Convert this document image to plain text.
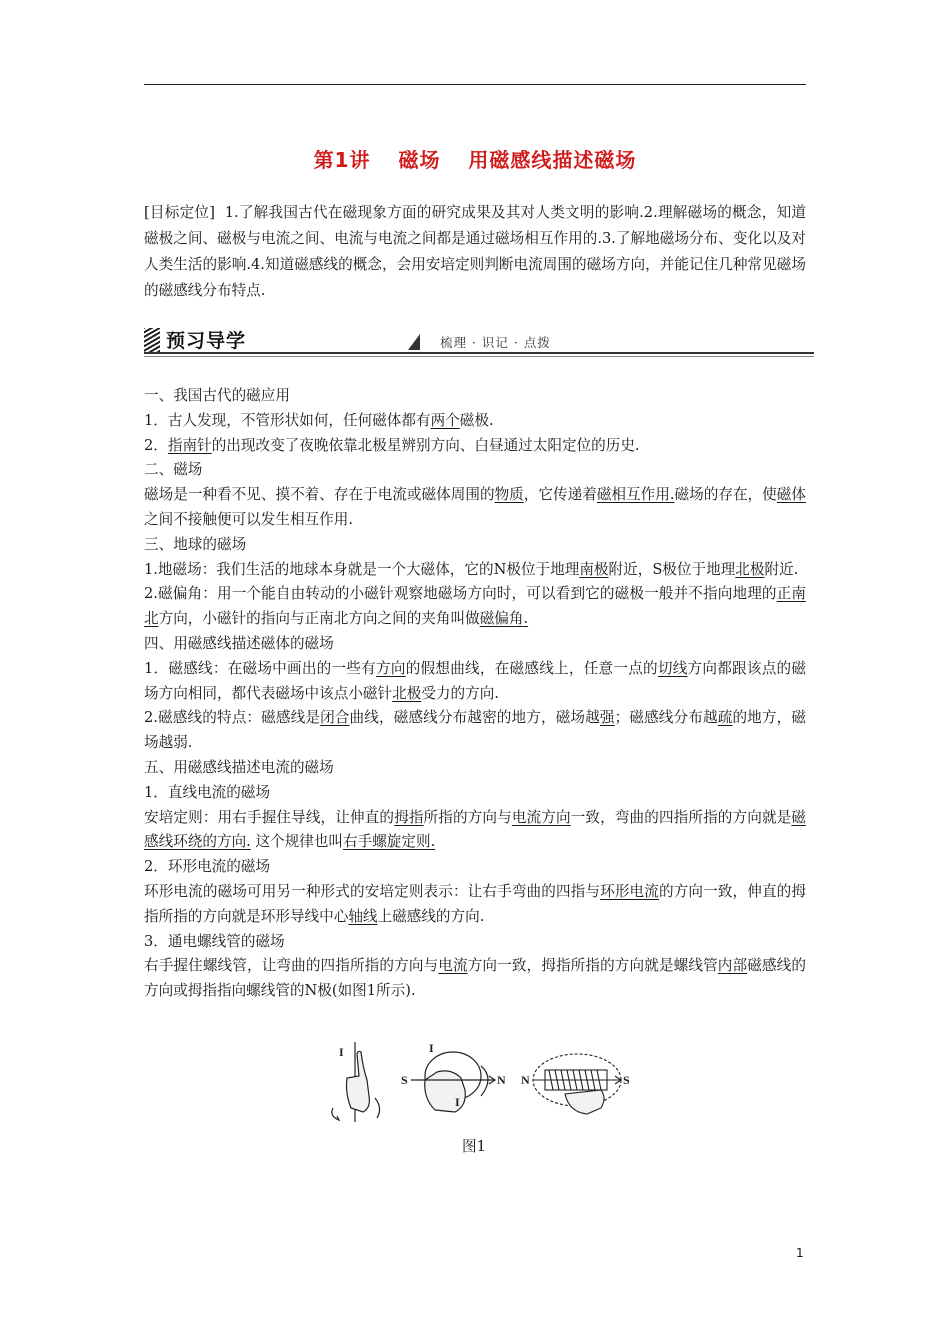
第1讲 磁场 用磁感线描述磁场
[目标定位] 1.了解我国古代在磁现象方面的研究成果及其对人类文明的影响.2.理解磁场的概念，知道磁极之间、磁极与电流之间、电流与电流之间都是通过磁场相互作用的.3.了解地磁场分布、变化以及对人类生活的影响.4.知道磁感线的概念，会用安培定则判断电流周围的磁场方向，并能记住几种常见磁场的磁感线分布特点.
预习导学	梳理 · 识记 · 点拨

一、我国古代的磁应用

1．古人发现，不管形状如何，任何磁体都有两个磁极.

2．指南针的出现改变了夜晚依靠北极星辨别方向、白昼通过太阳定位的历史.

二、磁场

磁场是一种看不见、摸不着、存在于电流或磁体周围的物质，它传递着磁相互作用.磁场的存在，使磁体之间不接触便可以发生相互作用.

三、地球的磁场

1.地磁场：我们生活的地球本身就是一个大磁体，它的N极位于地理南极附近，S极位于地理北极附近.

2.磁偏角：用一个能自由转动的小磁针观察地磁场方向时，可以看到它的磁极一般并不指向地理的正南北方向，小磁针的指向与正南北方向之间的夹角叫做磁偏角.

四、用磁感线描述磁体的磁场

1．磁感线：在磁场中画出的一些有方向的假想曲线，在磁感线上，任意一点的切线方向都跟该点的磁场方向相同，都代表磁场中该点小磁针北极受力的方向.

2.磁感线的特点：磁感线是闭合曲线，磁感线分布越密的地方，磁场越强；磁感线分布越疏的地方，磁场越弱.

五、用磁感线描述电流的磁场

1．直线电流的磁场

安培定则：用右手握住导线，让伸直的拇指所指的方向与电流方向一致，弯曲的四指所指的方向就是磁感线环绕的方向. 这个规律也叫右手螺旋定则.

2．环形电流的磁场

环形电流的磁场可用另一种形式的安培定则表示：让右手弯曲的四指与环形电流的方向一致，伸直的拇指所指的方向就是环形导线中心轴线上磁感线的方向.

3．通电螺线管的磁场

右手握住螺线管，让弯曲的四指所指的方向与电流方向一致，拇指所指的方向就是螺线管内部磁感线的方向或拇指指向螺线管的N极(如图1所示).

I	I
I
S	N N	S
图1
1
